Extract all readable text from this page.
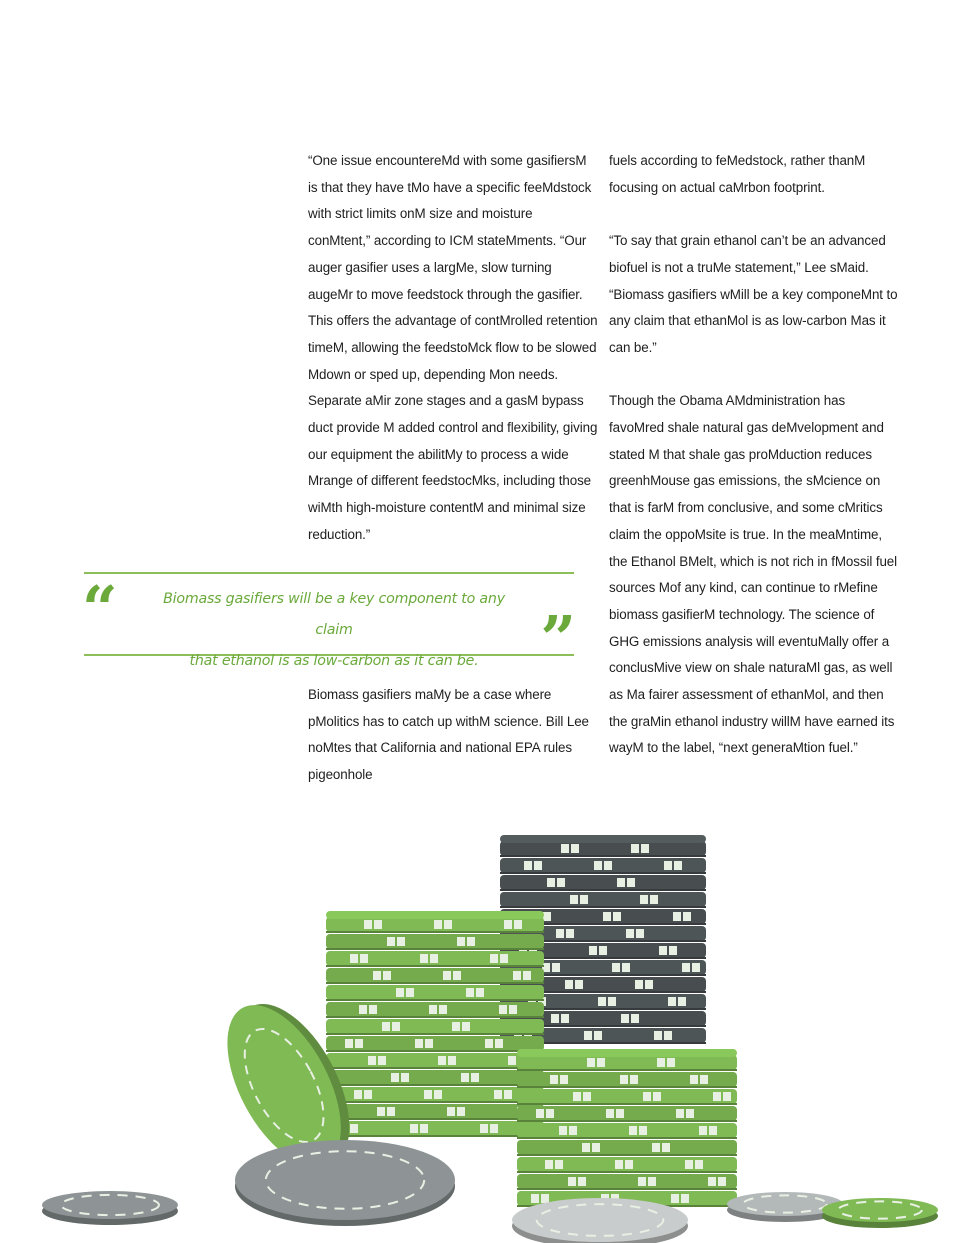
“One issue encountereMd with some gasifiersM is that they have tMo have a specific feeMdstock with strict limits onM size and moisture conMtent,” according to ICM stateMments. “Our auger gasifier uses a largMe, slow turning augeMr to move feedstock through the gasifier. This offers the advantage of contMrolled retention timeM, allowing the feedstoMck flow to be slowed Mdown or sped up, depending Mon needs. Separate aMir zone stages and a gasM bypass duct provide M added control and flexibility, giving our equipment the abilitMy to process a wide Mrange of different feedstocMks, including those wiMth high-moisture contentM and minimal size reduction.”

Biomass gasifiers maMy be a case where pMolitics has to catch up withM science. Bill Lee noMtes that California and national EPA rules pigeonhole

fuels according to feMedstock, rather thanM focusing on actual caMrbon footprint.

“To say that grain ethanol can’t be an advanced biofuel is not a truMe statement,” Lee sMaid. “Biomass gasifiers wMill be a key componeMnt to any claim that ethanMol is as low-carbon Mas it can be.”

Though the Obama AMdministration has favoMred shale natural gas deMvelopment and stated M that shale gas proMduction reduces greenhMouse gas emissions, the sMcience on that is farM from conclusive, and some cMritics claim the oppoMsite is true. In the meaMntime, the Ethanol BMelt, which is not rich in fMossil fuel sources Mof any kind, can continue to rMefine biomass gasifierM technology. The science of GHG emissions analysis will eventuMally offer a conclusMive view on shale naturaMl gas, as well as Ma fairer assessment of ethanMol, and then the graMin ethanol industry willM have earned its wayM to the label, “next generaMtion fuel.”

“	Biomass gasifiers will be a key component to any claim
that ethanol is as low-carbon as it can be. ”
